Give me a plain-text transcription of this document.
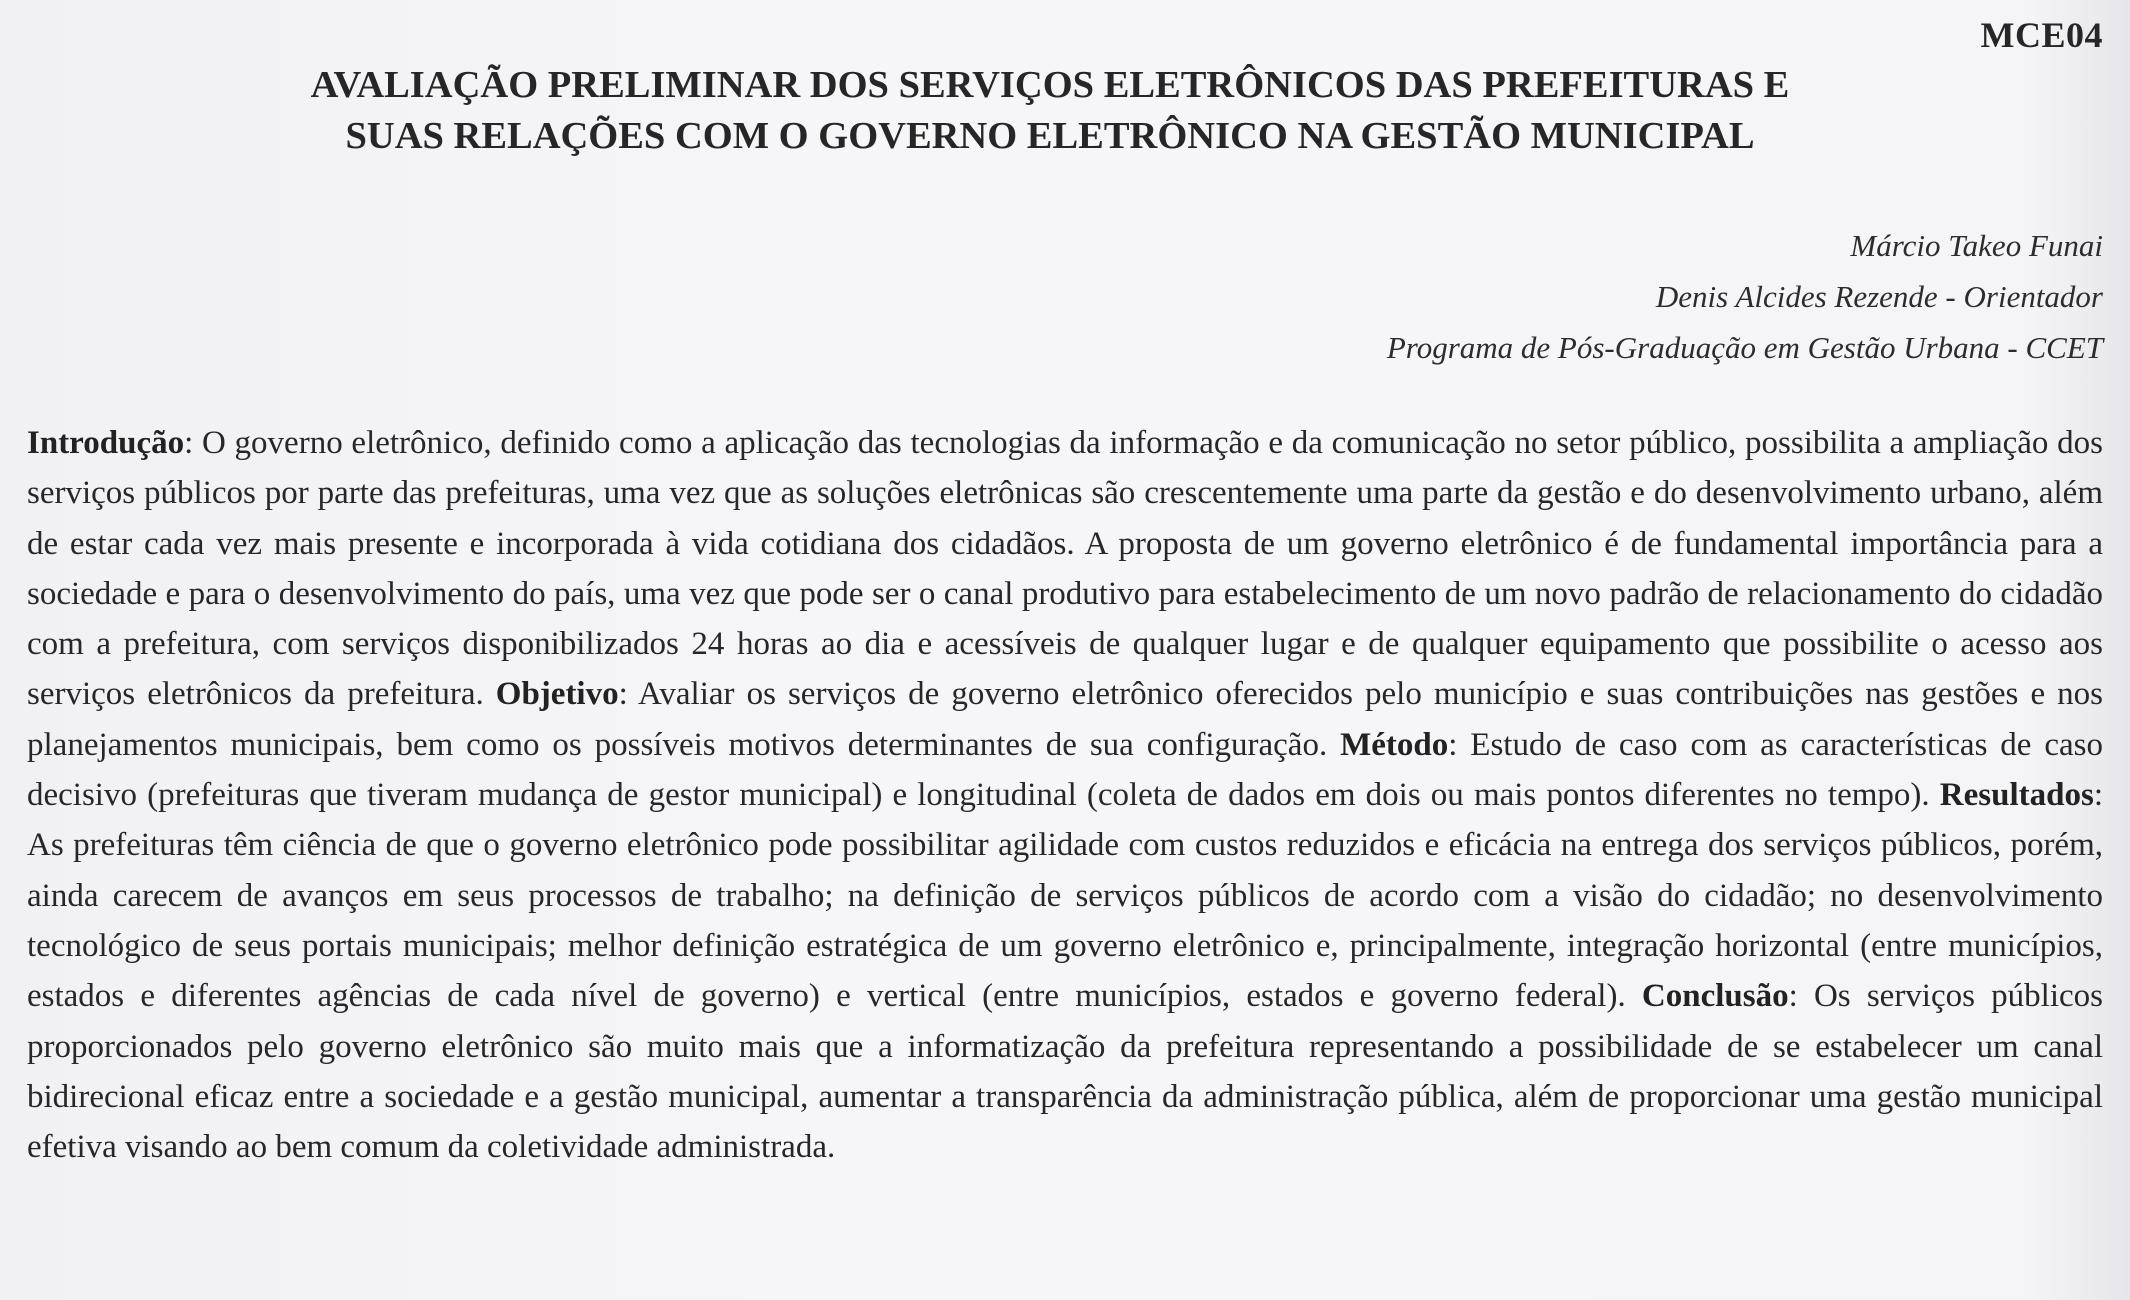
MCE04
AVALIAÇÃO PRELIMINAR DOS SERVIÇOS ELETRÔNICOS DAS PREFEITURAS E
SUAS RELAÇÕES COM O GOVERNO ELETRÔNICO NA GESTÃO MUNICIPAL
Márcio Takeo Funai
Denis Alcides Rezende - Orientador
Programa de Pós-Graduação em Gestão Urbana - CCET

Introdução: O governo eletrônico, definido como a aplicação das tecnologias da informação e da comunicação no setor público, possibilita a ampliação dos serviços públicos por parte das prefeituras, uma vez que as soluções eletrônicas são crescentemente uma parte da gestão e do desenvolvimento urbano, além de estar cada vez mais presente e incorporada à vida cotidiana dos cidadãos. A proposta de um governo eletrônico é de fundamental importância para a sociedade e para o desenvolvimento do país, uma vez que pode ser o canal produtivo para estabelecimento de um novo padrão de relacionamento do cidadão com a prefeitura, com serviços disponibilizados 24 horas ao dia e acessíveis de qualquer lugar e de qualquer equipamento que possibilite o acesso aos serviços eletrônicos da prefeitura. Objetivo: Avaliar os serviços de governo eletrônico oferecidos pelo município e suas contribuições nas gestões e nos planejamentos municipais, bem como os possíveis motivos determinantes de sua configuração. Método: Estudo de caso com as características de caso decisivo (prefeituras que tiveram mudança de gestor municipal) e longitudinal (coleta de dados em dois ou mais pontos diferentes no tempo). Resultados: As prefeituras têm ciência de que o governo eletrônico pode possibilitar agilidade com custos reduzidos e eficácia na entrega dos serviços públicos, porém, ainda carecem de avanços em seus processos de trabalho; na definição de serviços públicos de acordo com a visão do cidadão; no desenvolvimento tecnológico de seus portais municipais; melhor definição estratégica de um governo eletrônico e, principalmente, integração horizontal (entre municípios, estados e diferentes agências de cada nível de governo) e vertical (entre municípios, estados e governo federal). Conclusão: Os serviços públicos proporcionados pelo governo eletrônico são muito mais que a informatização da prefeitura representando a possibilidade de se estabelecer um canal bidirecional eficaz entre a sociedade e a gestão municipal, aumentar a transparência da administração pública, além de proporcionar uma gestão municipal efetiva visando ao bem comum da coletividade administrada.
